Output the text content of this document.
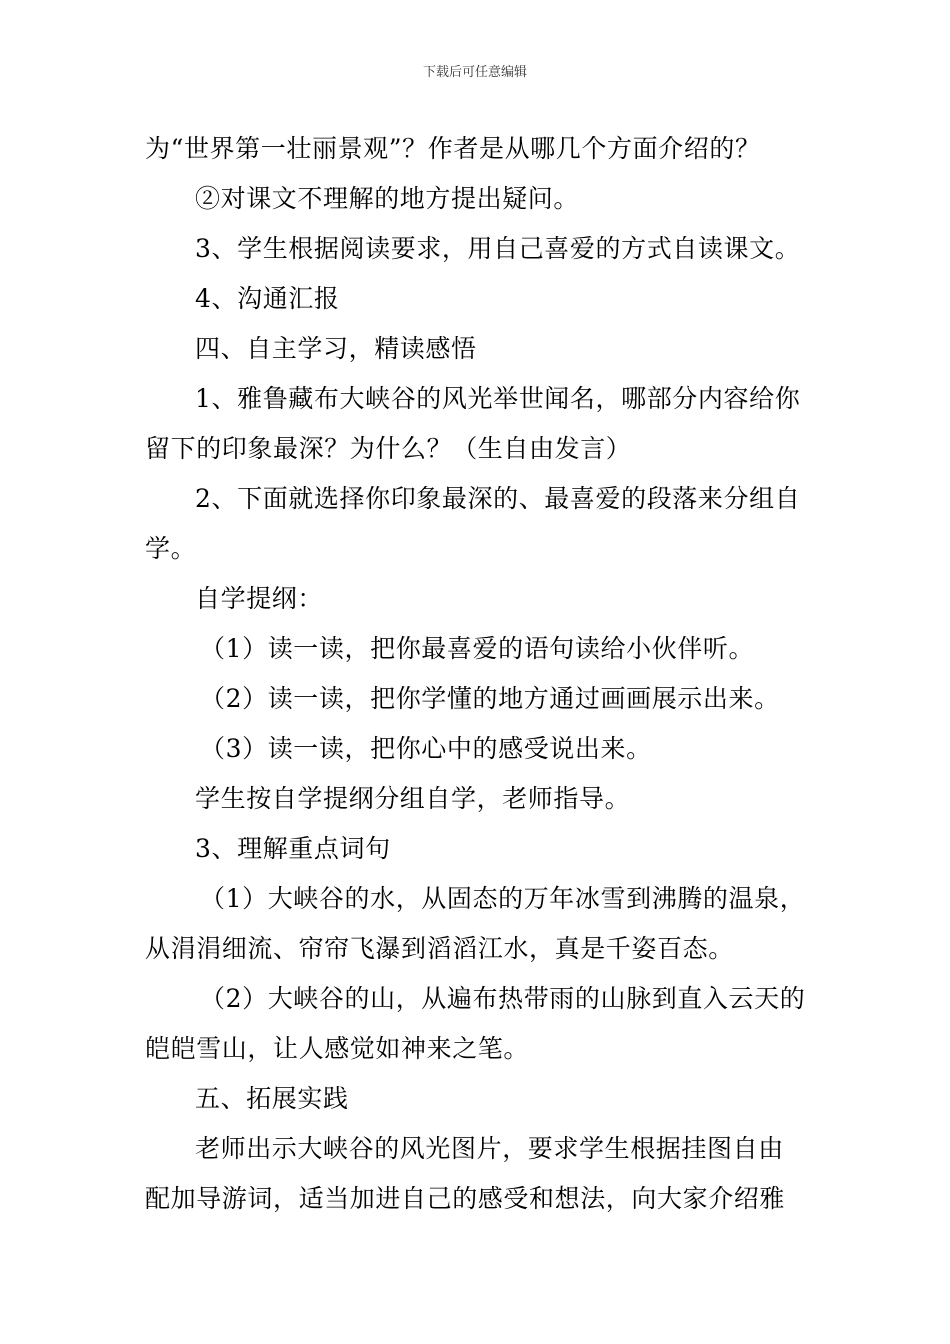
下载后可任意编辑
为“世界第一壮丽景观”？作者是从哪几个方面介绍的？
②对课文不理解的地方提出疑问。
3、学生根据阅读要求，用自己喜爱的方式自读课文。
4、沟通汇报
四、自主学习，精读感悟
1、雅鲁藏布大峡谷的风光举世闻名，哪部分内容给你
留下的印象最深？为什么？（生自由发言）
2、下面就选择你印象最深的、最喜爱的段落来分组自
学。
自学提纲：
（1）读一读，把你最喜爱的语句读给小伙伴听。
（2）读一读，把你学懂的地方通过画画展示出来。
（3）读一读，把你心中的感受说出来。
学生按自学提纲分组自学，老师指导。
3、理解重点词句
（1）大峡谷的水，从固态的万年冰雪到沸腾的温泉，
从涓涓细流、帘帘飞瀑到滔滔江水，真是千姿百态。
（2）大峡谷的山，从遍布热带雨的山脉到直入云天的
皑皑雪山，让人感觉如神来之笔。
五、拓展实践
老师出示大峡谷的风光图片，要求学生根据挂图自由
配加导游词，适当加进自己的感受和想法，向大家介绍雅
